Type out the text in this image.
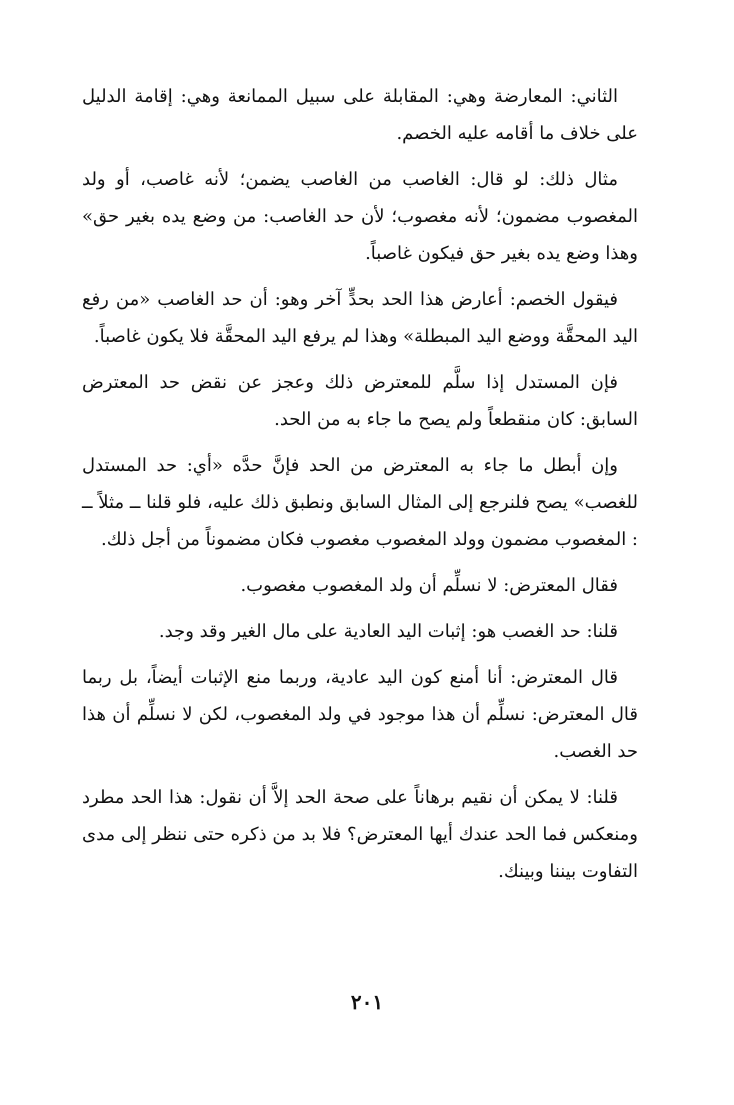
الثاني: المعارضة وهي: المقابلة على سبيل الممانعة وهي: إقامة الدليل على خلاف ما أقامه عليه الخصم.

مثال ذلك: لو قال: الغاصب من الغاصب يضمن؛ لأنه غاصب، أو ولد المغصوب مضمون؛ لأنه مغصوب؛ لأن حد الغاصب: من وضع يده بغير حق» وهذا وضع يده بغير حق فيكون غاصباً.

فيقول الخصم: أعارض هذا الحد بحدٍّ آخر وهو: أن حد الغاصب «من رفع اليد المحقَّة ووضع اليد المبطلة» وهذا لم يرفع اليد المحقَّة فلا يكون غاصباً.

فإن المستدل إذا سلَّم للمعترض ذلك وعجز عن نقض حد المعترض السابق: كان منقطعاً ولم يصح ما جاء به من الحد.

وإن أبطل ما جاء به المعترض من الحد فإنَّ حدَّه «أي: حد المستدل للغصب» يصح فلنرجع إلى المثال السابق ونطبق ذلك عليه، فلو قلنا ــ مثلاً ــ : المغصوب مضمون وولد المغصوب مغصوب فكان مضموناً من أجل ذلك.

فقال المعترض: لا نسلِّم أن ولد المغصوب مغصوب.

قلنا: حد الغصب هو: إثبات اليد العادية على مال الغير وقد وجد.

قال المعترض: أنا أمنع كون اليد عادية، وربما منع الإثبات أيضاً، بل ربما قال المعترض: نسلِّم أن هذا موجود في ولد المغصوب، لكن لا نسلِّم أن هذا حد الغصب.

قلنا: لا يمكن أن نقيم برهاناً على صحة الحد إلاَّ أن نقول: هذا الحد مطرد ومنعكس فما الحد عندك أيها المعترض؟ فلا بد من ذكره حتى ننظر إلى مدى التفاوت بيننا وبينك.

٢٠١
